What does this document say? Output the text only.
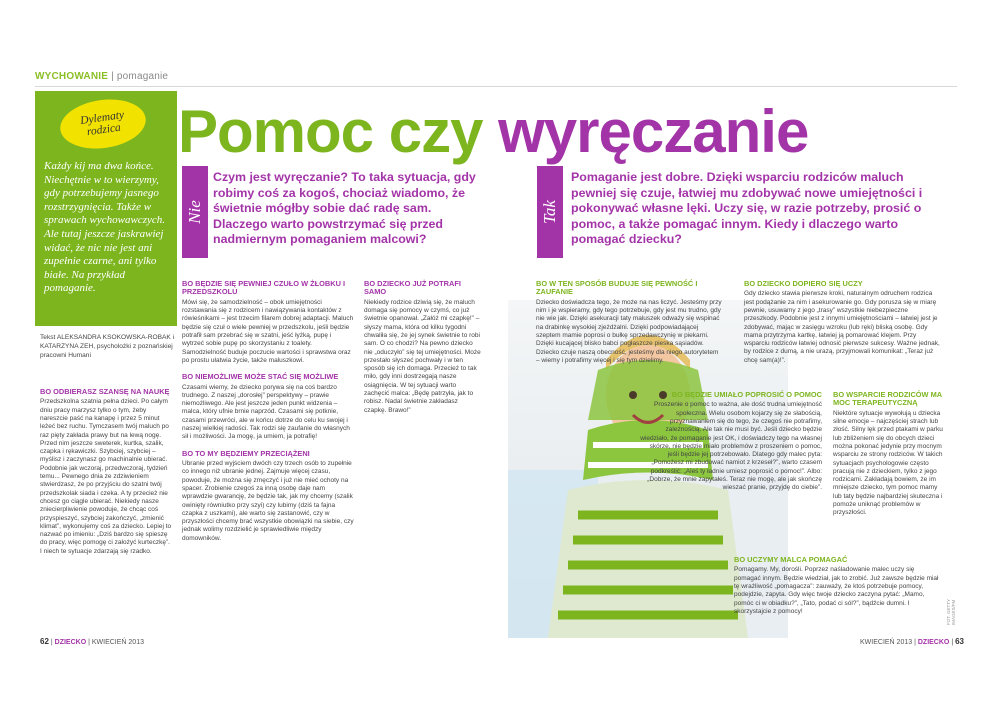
WYCHOWANIE | pomaganie
Dylematy rodzica
Każdy kij ma dwa końce. Niechętnie w to wierzymy, gdy potrzebujemy jasnego rozstrzygnięcia. Także w sprawach wychowawczych. Ale tutaj jeszcze jaskrawiej widać, że nic nie jest ani zupełnie czarne, ani tylko białe. Na przykład pomaganie.
Tekst ALEKSANDRA KSOKOWSKA-ROBAK i KATARZYNA ZEH, psycholożki z poznańskiej pracowni Humani
Pomoc czy wyręczanie
Nie
Czym jest wyręczanie? To taka sytuacja, gdy robimy coś za kogoś, chociaż wiadomo, że świetnie mógłby sobie dać radę sam. Dlaczego warto powstrzymać się przed nadmiernym pomaganiem malcowi?
Tak
Pomaganie jest dobre. Dzięki wsparciu rodziców maluch pewniej się czuje, łatwiej mu zdobywać nowe umiejętności i pokonywać własne lęki. Uczy się, w razie potrzeby, prosić o pomoc, a także pomagać innym. Kiedy i dlaczego warto pomagać dziecku?
BO ODBIERASZ SZANSĘ NA NAUKĘ

Przedszkolna szatnia pełna dzieci. Po całym dniu pracy marzysz tylko o tym, żeby nareszcie paść na kanapę i przez 5 minut leżeć bez ruchu. Tymczasem twój maluch po raz pięty zakłada prawy but na lewą nogę. Przed nim jeszcze sweterek, kurtka, szalik, czapka i rękawiczki. Szybciej, szybciej – myślisz i zaczynasz go machinalnie ubierać. Podobnie jak wczoraj, przedwczoraj, tydzień temu... Pewnego dnia ze zdziwieniem stwierdzasz, że po przyjściu do szatni twój przedszkolak siada i czeka. A ty przecież nie chcesz go ciągle ubierać. Niekiedy nasze zniecierpliwienie powoduje, że chcąc coś przyspieszyć, szybciej zakończyć, „zmienić klimat”, wykonujemy coś za dziecko. Lepiej to nazwać po imieniu: „Dziś bardzo się spieszę do pracy, więc pomogę ci założyć kurteczkę”. I niech te sytuacje zdarzają się rzadko.

BO BĘDZIE SIĘ PEWNIEJ CZUŁO W ŻŁOBKU I PRZEDSZKOLU

Mówi się, że samodzielność – obok umiejętności rozstawania się z rodzicem i nawiązywania kontaktów z rówieśnikami – jest trzecim filarem dobrej adaptacji. Maluch będzie się czuł o wiele pewniej w przedszkolu, jeśli będzie potrafił sam przebrać się w szatni, jeść łyżką, pupę i wytrzeć sobie pupę po skorzystaniu z toalety. Samodzielność buduje poczucie wartości i sprawstwa oraz po prostu ułatwia życie, także maluszkowi.

BO NIEMOŻLIWE MOŻE STAĆ SIĘ MOŻLIWE

Czasami wiemy, że dziecko porywa się na coś bardzo trudnego. Z naszej „dorosłej” perspektywy – prawie niemożliwego. Ale jest jeszcze jeden punkt widzenia – malca, który ufnie brnie naprzód. Czasami się potknie, czasami przewróci, ale w końcu dotrze do celu ku swojej i naszej wielkiej radości. Tak rodzi się zaufanie do własnych sił i możliwości. Ja mogę, ja umiem, ja potrafię!

BO TO MY BĘDZIEMY PRZECIĄŻENI

Ubranie przed wyjściem dwóch czy trzech osób to zupełnie co innego niż ubranie jednej. Zajmuje więcej czasu, powoduje, że można się zmęczyć i już nie mieć ochoty na spacer. Zrobienie czegoś za inną osobę daje nam wprawdzie gwarancję, że będzie tak, jak my chcemy (szalik owinięty równiutko przy szyi) czy lubimy (dziś ta fajna czapka z uszkami), ale warto się zastanowić, czy w przyszłości chcemy brać wszystkie obowiązki na siebie, czy jednak wolimy rozdzielić je sprawiedliwie między domowników.

BO DZIECKO JUŻ POTRAFI SAMO

Niekiedy rodzice dziwią się, że maluch domaga się pomocy w czymś, co już świetnie opanował. „Załóż mi czapkę!” – słyszy mama, która od kilku tygodni chwaliła się, że jej synek świetnie to robi sam. O co chodzi? Na pewno dziecko nie „oduczyło” się tej umiejętności. Może przestało słyszeć pochwały i w ten sposób się ich domaga. Przecież to tak miło, gdy inni dostrzegają nasze osiągnięcia. W tej sytuacji warto zachęcić malca: „Będę patrzyła, jak to robisz. Nadal świetnie zakładasz czapkę. Brawo!”

BO W TEN SPOSÓB BUDUJE SIĘ PEWNOŚĆ I ZAUFANIE

Dziecko doświadcza tego, że może na nas liczyć. Jesteśmy przy nim i je wspieramy, gdy tego potrzebuje, gdy jest mu trudno, gdy nie wie jak. Dzięki asekuracji taty maluszek odważy się wspinać na drabinkę wysokiej zjeżdżalni. Dzięki podpowiadającej szeptem mamie poprosi o bułkę sprzedawczynię w piekarni. Dzięki kucającej blisko babci pogłaszcze pieska sąsiadów. Dziecko czuje naszą obecność, jesteśmy dla niego autorytetem – wiemy i potrafimy więcej i się tym dzielimy.

BO DZIECKO DOPIERO SIĘ UCZY

Gdy dziecko stawia pierwsze kroki, naturalnym odruchem rodzica jest podążanie za nim i asekurowanie go. Gdy porusza się w miarę pewnie, usuwamy z jego „trasy” wszystkie niebezpieczne przeszkody. Podobnie jest z innymi umiejętnościami – łatwiej jest je zdobywać, mając w zasięgu wzroku (lub ręki) bliską osobę. Gdy mama przytrzyma kartkę, łatwiej ją pomarować klejem. Przy wsparciu rodziców łatwiej odnosić pierwsze sukcesy. Ważne jednak, by rodzice z dumą, a nie urazą, przyjmowali komunikat: „Teraz już chcę sam(a)!”.

BO BĘDZIE UMIAŁO POPROSIĆ O POMOC

Proszenie o pomoc to ważna, ale dość trudna umiejętność społeczna. Wielu osobom kojarzy się ze słabością, przyznawaniem się do tego, że czegoś nie potrafimy, zależnością. Ale tak nie musi być. Jeśli dziecko będzie wiedziało, że pomaganie jest OK, i doświadczy tego na własnej skórze, nie będzie miało problemów z proszeniem o pomoc, jeśli będzie jej potrzebowało. Dlatego gdy malec pyta: „Pomożesz mi zbudować namiot z krzeseł?”, warto czasem podkreślić: „Aleś ty ładnie umiesz poprosić o pomoc!”. Albo: „Dobrze, że mnie zapytałeś. Teraz nie mogę, ale jak skończę wieszać pranie, przyjdę do ciebie”.

BO WSPARCIE RODZICÓW MA MOC TERAPEUTYCZNĄ

Niektóre sytuacje wywołują u dziecka silne emocje – najczęściej strach lub złość. Silny lęk przed ptakami w parku lub zbliżeniem się do obcych dzieci można pokonać jedynie przy mocnym wsparciu ze strony rodziców. W takich sytuacjach psychologowie często pracują nie z dzieckiem, tylko z jego rodzicami. Zakładają bowiem, że im mniejsze dziecko, tym pomoc mamy lub taty będzie najbardziej skuteczna i pomoże uniknąć problemów w przyszłości.

BO UCZYMY MALCA POMAGAĆ

Pomagamy. My, dorośli. Poprzez naśladowanie malec uczy się pomagać innym. Będzie wiedział, jak to zrobić. Już zawsze będzie miał tę wrażliwość „pomagacza”: zauważy, że ktoś potrzebuje pomocy, podejdzie, zapyta. Gdy więc twoje dziecko zaczyna pytać: „Mamo, pomóc ci w obiadku?”, „Tato, podać ci sól?”, bądźcie dumni. I skorzystajcie z pomocy!	FOT. GETTY IMAGES/FM
62 | DZIECKO | KWIECIEŃ 2013	KWIECIEŃ 2013 | DZIECKO | 63
